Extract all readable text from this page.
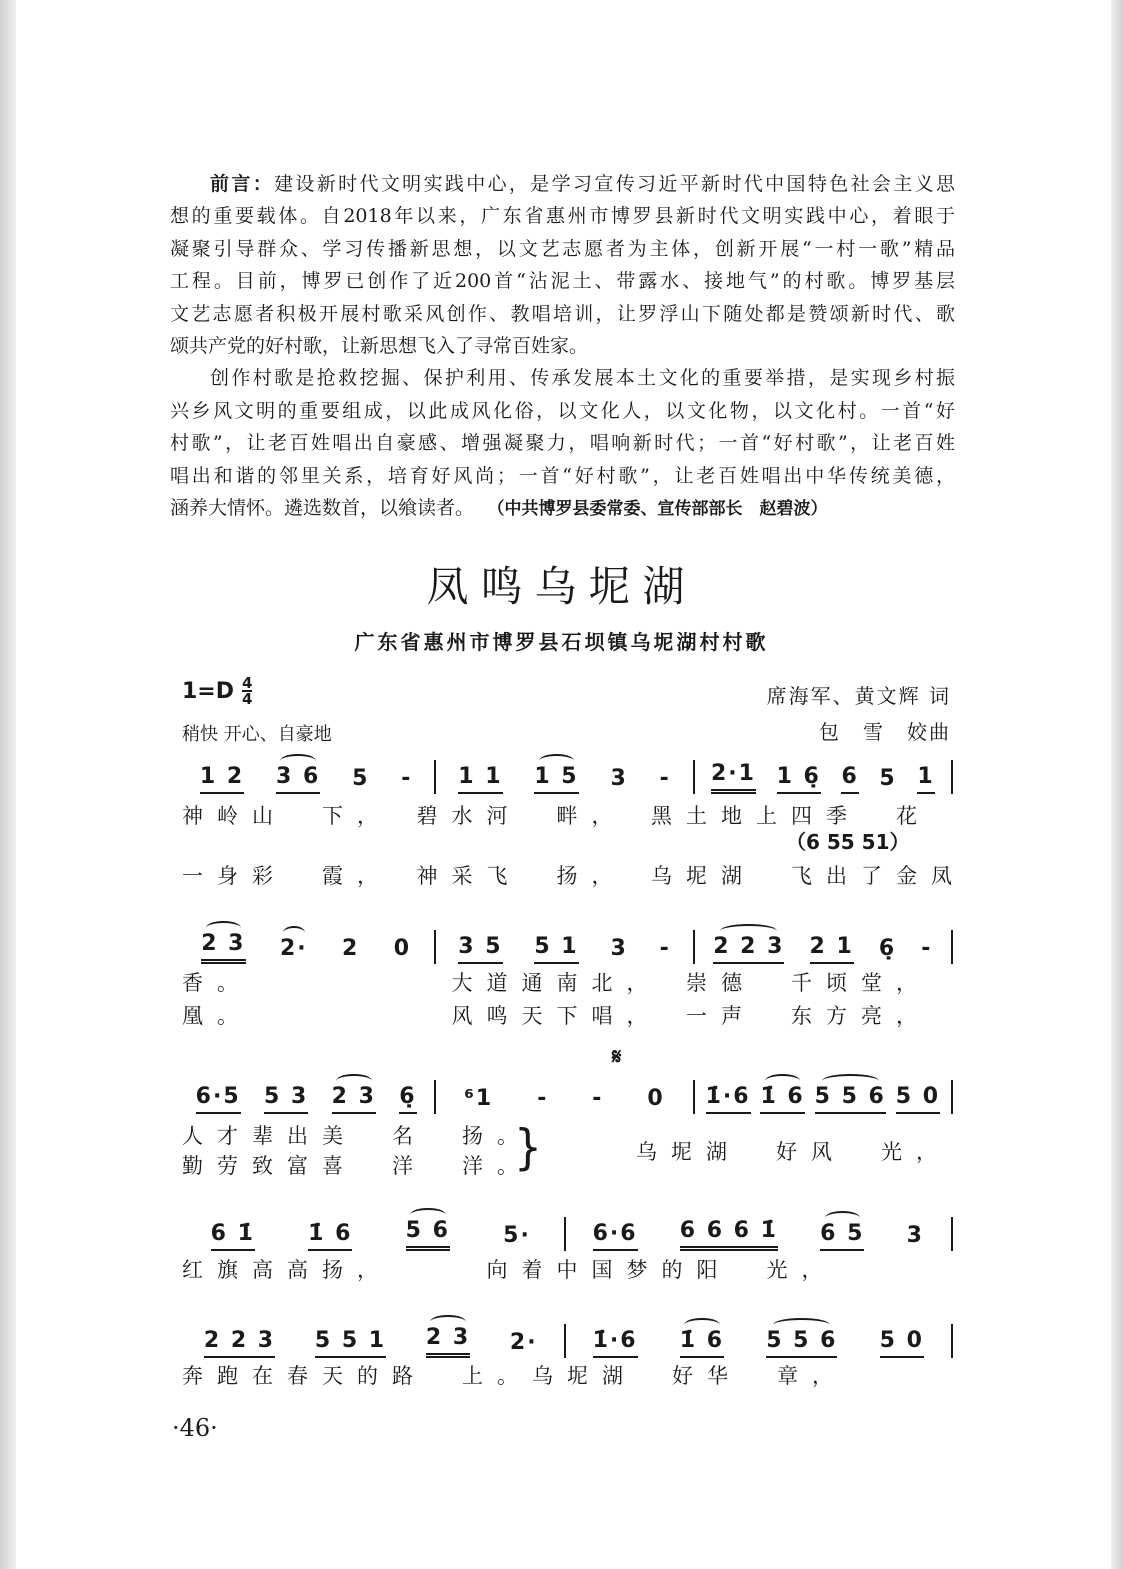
前言：建设新时代文明实践中心，是学习宣传习近平新时代中国特色社会主义思
想的重要载体。自2018年以来，广东省惠州市博罗县新时代文明实践中心，着眼于
凝聚引导群众、学习传播新思想，以文艺志愿者为主体，创新开展“一村一歌”精品
工程。目前，博罗已创作了近200首“沾泥土、带露水、接地气”的村歌。博罗基层
文艺志愿者积极开展村歌采风创作、教唱培训，让罗浮山下随处都是赞颂新时代、歌
颂共产党的好村歌，让新思想飞入了寻常百姓家。
创作村歌是抢救挖掘、保护利用、传承发展本土文化的重要举措，是实现乡村振
兴乡风文明的重要组成，以此成风化俗，以文化人，以文化物，以文化村。一首“好
村歌”，让老百姓唱出自豪感、增强凝聚力，唱响新时代；一首“好村歌”，让老百姓
唱出和谐的邻里关系，培育好风尚；一首“好村歌”，让老百姓唱出中华传统美德，
涵养大情怀。遴选数首，以飨读者。 （中共博罗县委常委、宣传部部长　赵碧波）
凤鸣乌坭湖
广东省惠州市博罗县石坝镇乌坭湖村村歌
$1=D \frac{4}{4}$
稍快 开心、自豪地
席海军、黄文辉 词
包　雪　姣曲
𝄋
1 2 3 6 5 - 1 1 1 5 3 - 2·1 1 6̣ 6 5 1
神岭山　下，　碧水河　畔，　黑土地上四季　花
一身彩　霞，　神采飞　扬，　乌坭湖　飞出了金凤
（6 55 51）
2 3 2· 2 0 3 5 5 1 3 - 2 2 3 2 1 6̣ -
香。　　　　　　大道通南北，　崇德　千顷堂，
凰。　　　　　　风鸣天下唱，　一声　东方亮，
6·5 5 3 2 3 6̣ ⁶1 - - 0 1̇·6 1̇ 6 5 5 6 5 0
人才辈出美　名　扬。
勤劳致富喜　洋　洋。
乌坭湖　好风　光，
}
6 1̇ 1̇ 6 5 6 5·	6·6 6 6 6 1̇ 6 5 3
红旗高高扬，　　　向着中国梦的阳　光，
2 2 3 5 5 1 2 3 2·	1̇·6 1̇ 6 5 5 6 5 0
奔跑在春天的路　上。乌坭湖　好华　章，
·46·
